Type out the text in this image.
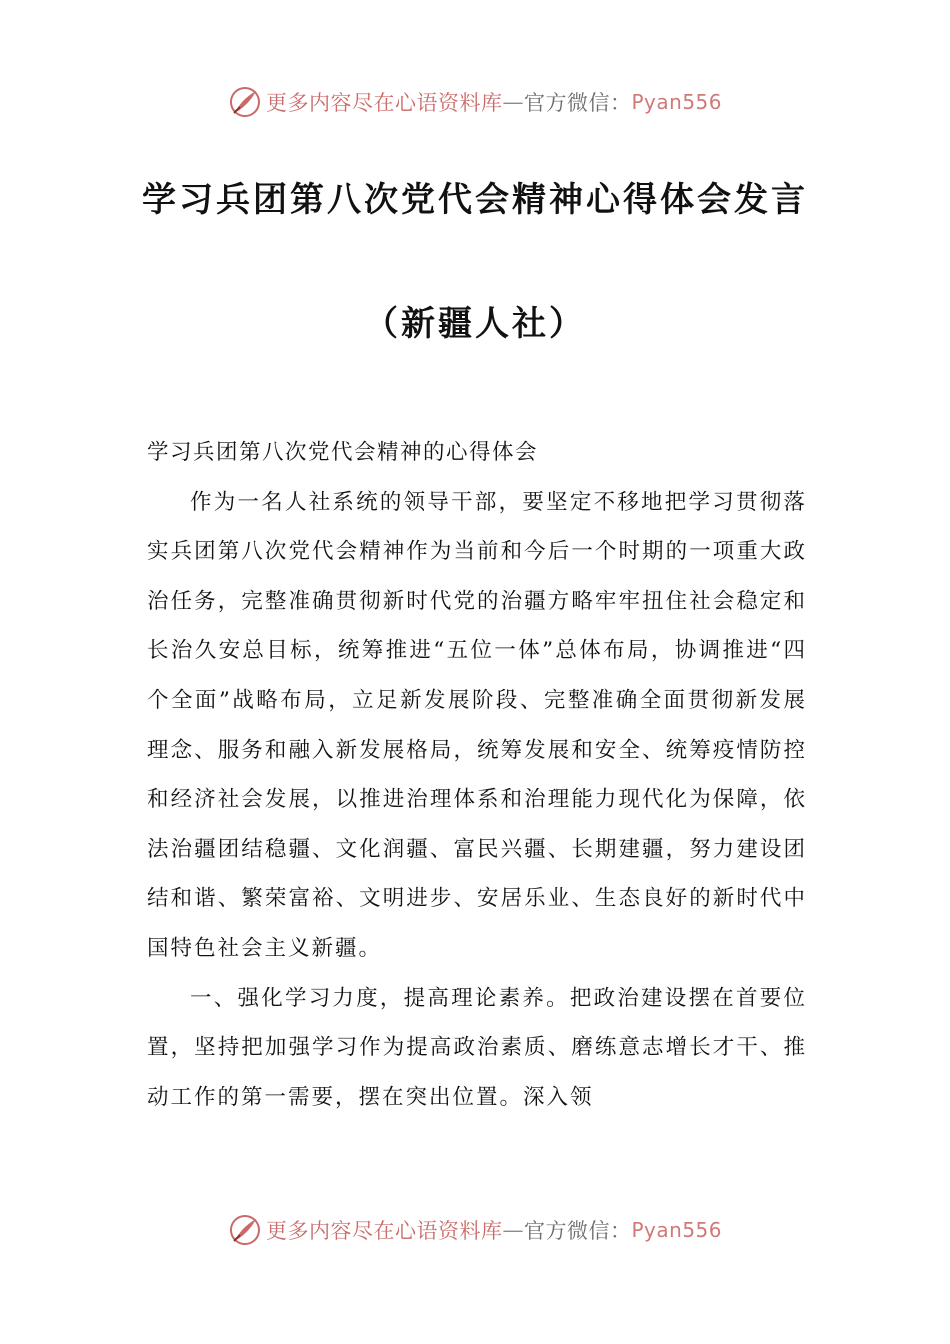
更多内容尽在心语资料库 — 官方微信： Pyan556
学习兵团第八次党代会精神心得体会发言
（新疆人社）

学习兵团第八次党代会精神的心得体会

作为一名人社系统的领导干部，要坚定不移地把学习贯彻落实兵团第八次党代会精神作为当前和今后一个时期的一项重大政治任务，完整准确贯彻新时代党的治疆方略牢牢扭住社会稳定和长治久安总目标，统筹推进“五位一体”总体布局，协调推进“四个全面”战略布局，立足新发展阶段、完整准确全面贯彻新发展理念、服务和融入新发展格局，统筹发展和安全、统筹疫情防控和经济社会发展，以推进治理体系和治理能力现代化为保障，依法治疆团结稳疆、文化润疆、富民兴疆、长期建疆，努力建设团结和谐、繁荣富裕、文明进步、安居乐业、生态良好的新时代中国特色社会主义新疆。

一、强化学习力度，提高理论素养。把政治建设摆在首要位置，坚持把加强学习作为提高政治素质、磨练意志增长才干、推动工作的第一需要，摆在突出位置。深入领

更多内容尽在心语资料库 — 官方微信： Pyan556
